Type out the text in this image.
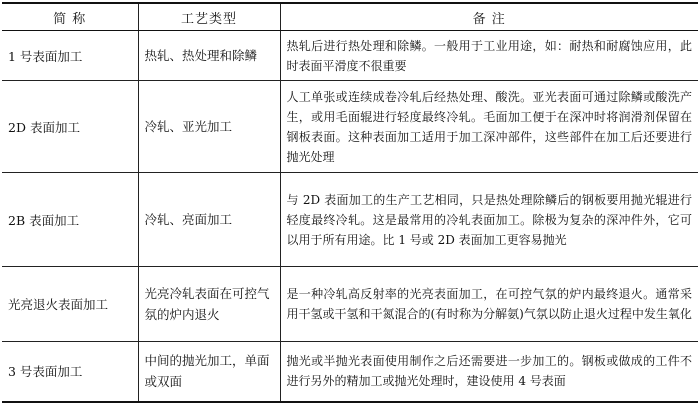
简 称	工艺类型	备 注
1 号表面加工	热轧、热处理和除鳞	热轧后进行热处理和除鳞。一般用于工业用途，如：耐热和耐腐蚀应用，此时表面平滑度不很重要
2D 表面加工	冷轧、亚光加工	人工单张或连续成卷冷轧后经热处理、酸洗。亚光表面可通过除鳞或酸洗产生，或用毛面辊进行轻度最终冷轧。毛面加工便于在深冲时将润滑剂保留在钢板表面。这种表面加工适用于加工深冲部件，这些部件在加工后还要进行抛光处理
2B 表面加工	冷轧、亮面加工	与 2D 表面加工的生产工艺相同，只是热处理除鳞后的钢板要用抛光辊进行轻度最终冷轧。这是最常用的冷轧表面加工。除极为复杂的深冲件外，它可以用于所有用途。比 1 号或 2D 表面加工更容易抛光
光亮退火表面加工	光亮冷轧表面在可控气氛的炉内退火	是一种冷轧高反射率的光亮表面加工，在可控气氛的炉内最终退火。通常采用干氢或干氢和干氮混合的(有时称为分解氨)气氛以防止退火过程中发生氧化
3 号表面加工	中间的抛光加工，单面或双面	抛光或半抛光表面使用制作之后还需要进一步加工的。钢板或做成的工件不进行另外的精加工或抛光处理时，建设使用 4 号表面
